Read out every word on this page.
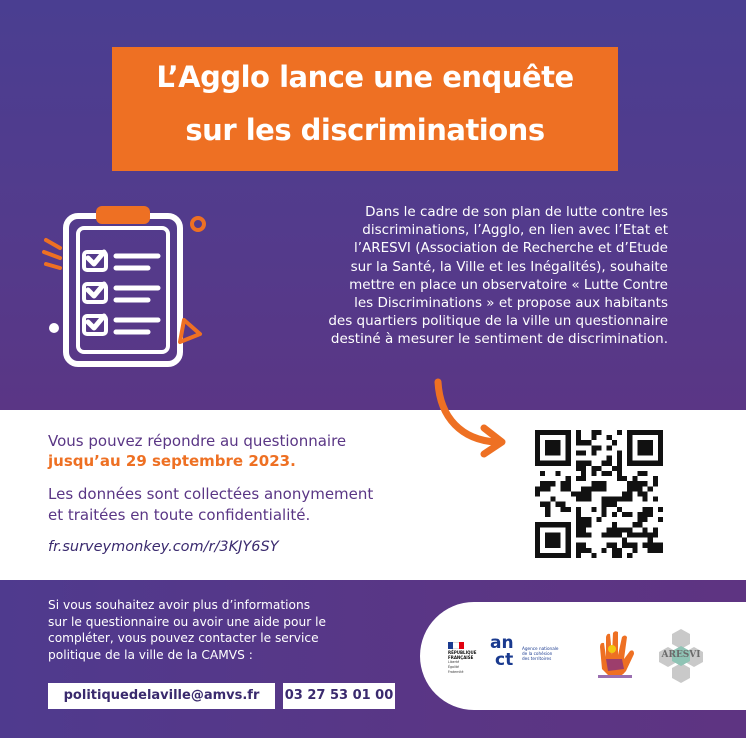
L’Agglo lance une enquête
sur les discriminations
Dans le cadre de son plan de lutte contre les
discriminations, l’Agglo, en lien avec l’Etat et
l’ARESVI (Association de Recherche et d’Etude
sur la Santé, la Ville et les Inégalités), souhaite
mettre en place un observatoire « Lutte Contre
les Discriminations » et propose aux habitants
des quartiers politique de la ville un questionnaire
destiné à mesurer le sentiment de discrimination.
Vous pouvez répondre au questionnaire
jusqu’au 29 septembre 2023.
Les données sont collectées anonymement
et traitées en toute confidentialité.
fr.surveymonkey.com/r/3KJY6SY
Si vous souhaitez avoir plus d’informations
sur le questionnaire ou avoir une aide pour le
compléter, vous pouvez contacter le service
politique de la ville de la CAMVS :
politiquedelaville@amvs.fr	03 27 53 01 00
RÉPUBLIQUE
FRANÇAISE
Liberté
Égalité
Fraternité
an
ct
Agence nationale
de la cohésion
des territoires	ARESVI
